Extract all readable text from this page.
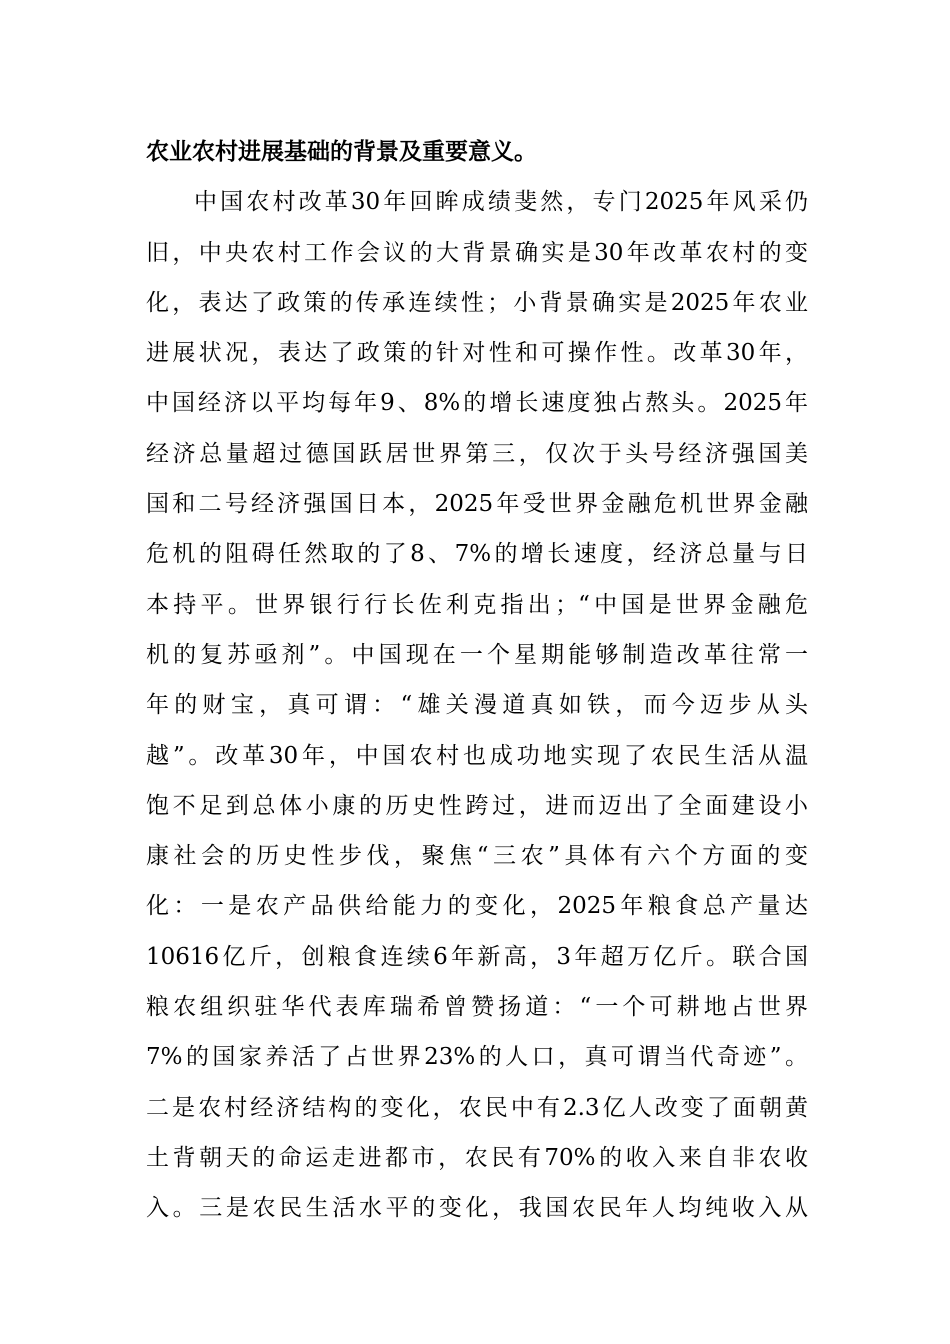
农业农村进展基础的背景及重要意义。
中国农村改革30年回眸成绩斐然，专门2025年风采仍
旧，中央农村工作会议的大背景确实是30年改革农村的变
化，表达了政策的传承连续性；小背景确实是2025年农业
进展状况，表达了政策的针对性和可操作性。改革30年，
中国经济以平均每年9、8%的增长速度独占熬头。2025年
经济总量超过德国跃居世界第三，仅次于头号经济强国美
国和二号经济强国日本，2025年受世界金融危机世界金融
危机的阻碍任然取的了8、7%的增长速度，经济总量与日
本持平。世界银行行长佐利克指出；“中国是世界金融危
机的复苏亟剂”。中国现在一个星期能够制造改革往常一
年的财宝，真可谓：“雄关漫道真如铁，而今迈步从头
越”。改革30年，中国农村也成功地实现了农民生活从温
饱不足到总体小康的历史性跨过，进而迈出了全面建设小
康社会的历史性步伐，聚焦“三农”具体有六个方面的变
化：一是农产品供给能力的变化，2025年粮食总产量达
10616亿斤，创粮食连续6年新高，3年超万亿斤。联合国
粮农组织驻华代表库瑞希曾赞扬道：“一个可耕地占世界
7%的国家养活了占世界23%的人口，真可谓当代奇迹”。
二是农村经济结构的变化，农民中有2.3亿人改变了面朝黄
土背朝天的命运走进都市，农民有70%的收入来自非农收
入。三是农民生活水平的变化，我国农民年人均纯收入从
